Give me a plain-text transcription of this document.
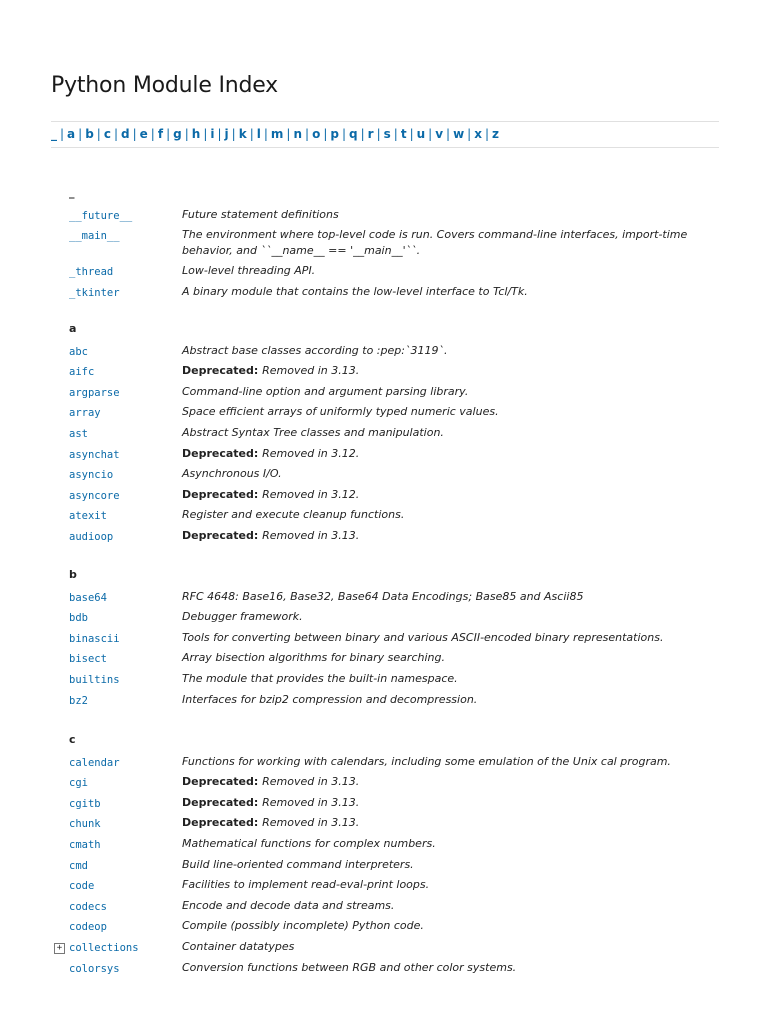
Python Module Index
_ | a | b | c | d | e | f | g | h | i | j | k | l | m | n | o | p | q | r | s | t | u | v | w | x | z
_
__future__	Future statement definitions
__main__	The environment where top-level code is run. Covers command-line interfaces, import-time behavior, and ``__name__ == '__main__'``.
_thread	Low-level threading API.
_tkinter	A binary module that contains the low-level interface to Tcl/Tk.
a
abc	Abstract base classes according to :pep:`3119`.
aifc	Deprecated: Removed in 3.13.
argparse	Command-line option and argument parsing library.
array	Space efficient arrays of uniformly typed numeric values.
ast	Abstract Syntax Tree classes and manipulation.
asynchat	Deprecated: Removed in 3.12.
asyncio	Asynchronous I/O.
asyncore	Deprecated: Removed in 3.12.
atexit	Register and execute cleanup functions.
audioop	Deprecated: Removed in 3.13.
b
base64	RFC 4648: Base16, Base32, Base64 Data Encodings; Base85 and Ascii85
bdb	Debugger framework.
binascii	Tools for converting between binary and various ASCII-encoded binary representations.
bisect	Array bisection algorithms for binary searching.
builtins	The module that provides the built-in namespace.
bz2	Interfaces for bzip2 compression and decompression.
c
calendar	Functions for working with calendars, including some emulation of the Unix cal program.
cgi	Deprecated: Removed in 3.13.
cgitb	Deprecated: Removed in 3.13.
chunk	Deprecated: Removed in 3.13.
cmath	Mathematical functions for complex numbers.
cmd	Build line-oriented command interpreters.
code	Facilities to implement read-eval-print loops.
codecs	Encode and decode data and streams.
codeop	Compile (possibly incomplete) Python code.
+ collections	Container datatypes
colorsys	Conversion functions between RGB and other color systems.
